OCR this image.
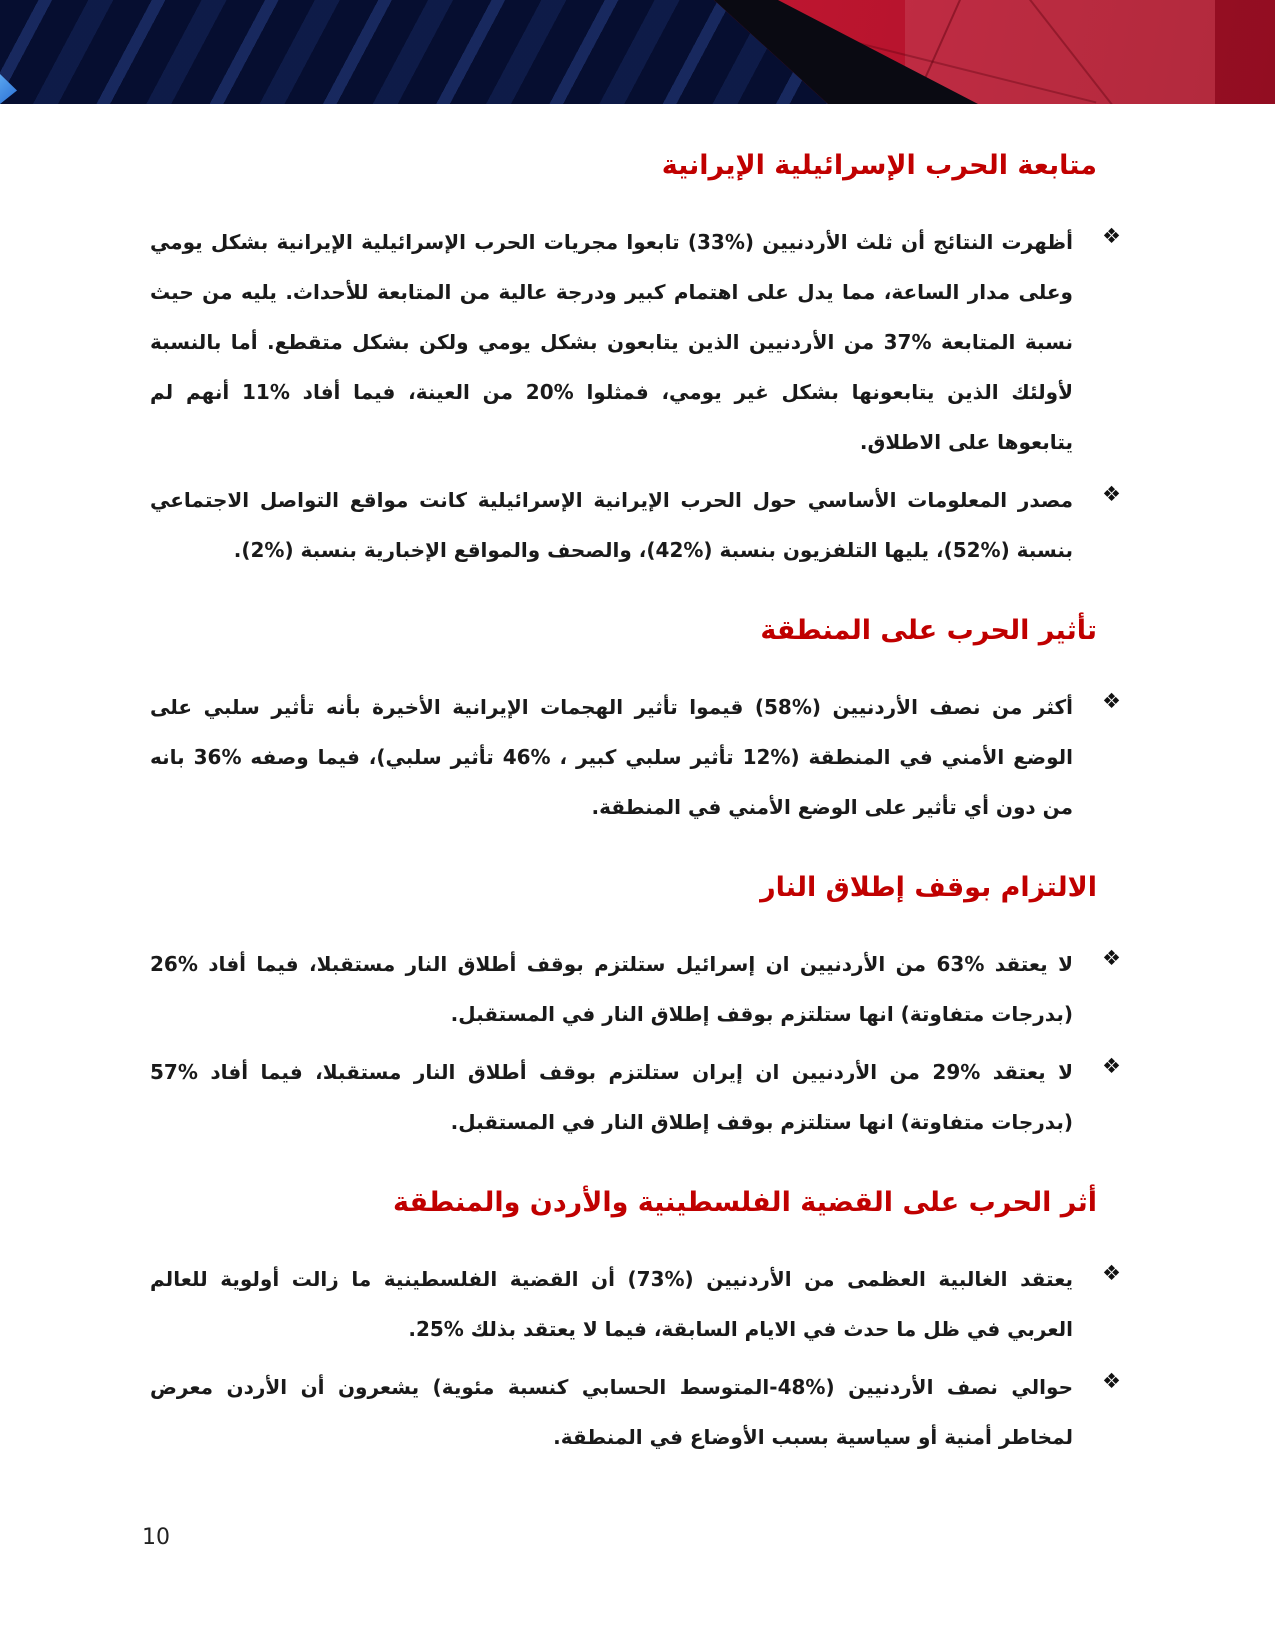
متابعة الحرب الإسرائيلية الإيرانية
❖

أظهرت النتائج أن ثلث الأردنيين (%33) تابعوا مجريات الحرب الإسرائيلية الإيرانية بشكل يومي وعلى مدار الساعة، مما يدل على اهتمام كبير ودرجة عالية من المتابعة للأحداث. يليه من حيث نسبة المتابعة %37 من الأردنيين الذين يتابعون بشكل يومي ولكن بشكل متقطع. أما بالنسبة لأولئك الذين يتابعونها بشكل غير يومي، فمثلوا %20 من العينة، فيما أفاد %11 أنهم لم يتابعوها على الاطلاق.

❖

مصدر المعلومات الأساسي حول الحرب الإيرانية الإسرائيلية كانت مواقع التواصل الاجتماعي بنسبة (%52)، يليها التلفزيون بنسبة (%42)، والصحف والمواقع الإخبارية بنسبة (%2).

تأثير الحرب على المنطقة
❖

أكثر من نصف الأردنيين (%58) قيموا تأثير الهجمات الإيرانية الأخيرة بأنه تأثير سلبي على الوضع الأمني في المنطقة (%12 تأثير سلبي كبير ، %46 تأثير سلبي)، فيما وصفه %36 بانه من دون أي تأثير على الوضع الأمني في المنطقة.

الالتزام بوقف إطلاق النار
❖

لا يعتقد %63 من الأردنيين ان إسرائيل ستلتزم بوقف أطلاق النار مستقبلا، فيما أفاد %26 (بدرجات متفاوتة) انها ستلتزم بوقف إطلاق النار في المستقبل.

❖

لا يعتقد %29 من الأردنيين ان إيران ستلتزم بوقف أطلاق النار مستقبلا، فيما أفاد %57 (بدرجات متفاوتة) انها ستلتزم بوقف إطلاق النار في المستقبل.

أثر الحرب على القضية الفلسطينية والأردن والمنطقة
❖

يعتقد الغالبية العظمى من الأردنيين (%73) أن القضية الفلسطينية ما زالت أولوية للعالم العربي في ظل ما حدث في الايام السابقة، فيما لا يعتقد بذلك %25.

❖

حوالي نصف الأردنيين (%48-المتوسط الحسابي كنسبة مئوية) يشعرون أن الأردن معرض لمخاطر أمنية أو سياسية بسبب الأوضاع في المنطقة.

10
